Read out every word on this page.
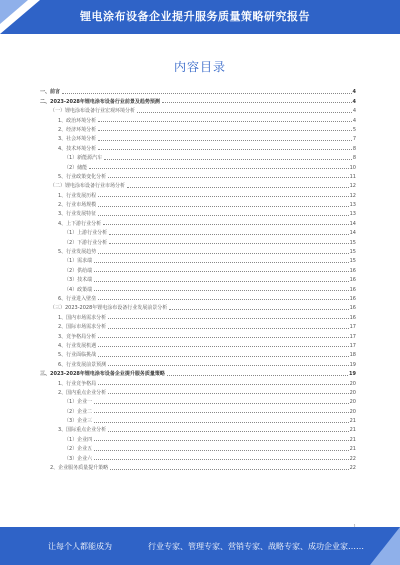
锂电涂布设备企业提升服务质量策略研究报告
内容目录
一、前言	4
二、2023-2028年锂电涂布设备行业前景及趋势预测	4
（一）锂电涂布设备行业宏观环境分析	4
1、政治环境分析	4
2、经济环境分析	5
3、社会环境分析	7
4、技术环境分析	8
（1）新能源汽车	8
（2）储能	10
5、行业政策变化分析	11
（二）锂电涂布设备行业市场分析	12
1、行业发展历程	12
2、行业市场规模	13
3、行业发展特征	13
4、上下游行业分析	14
（1）上游行业分析	14
（2）下游行业分析	15
5、行业发展趋势	15
（1）需求端	15
（2）供给端	16
（3）技术端	16
（4）政策端	16
6、行业进入壁垒	16
（三）2023-2028年锂电涂布设备行业发展前景分析	16
1、国内市场需求分析	16
2、国际市场需求分析	17
3、竞争格局分析	17
4、行业发展机遇	17
5、行业面临挑战	18
6、行业发展前景预测	19
三、2023-2028年锂电涂布设备企业提升服务质量策略	19
1、行业竞争格局	20
2、国内重点企业分析	20
（1）企业一	20
（2）企业二	20
（3）企业三	21
3、国际重点企业分析	21
（1）企业四	21
（2）企业五	21
（3）企业六	22
2、企业服务质量提升策略	22
让每个人都能成为	行业专家、管理专家、营销专家、战略专家、成功企业家……
